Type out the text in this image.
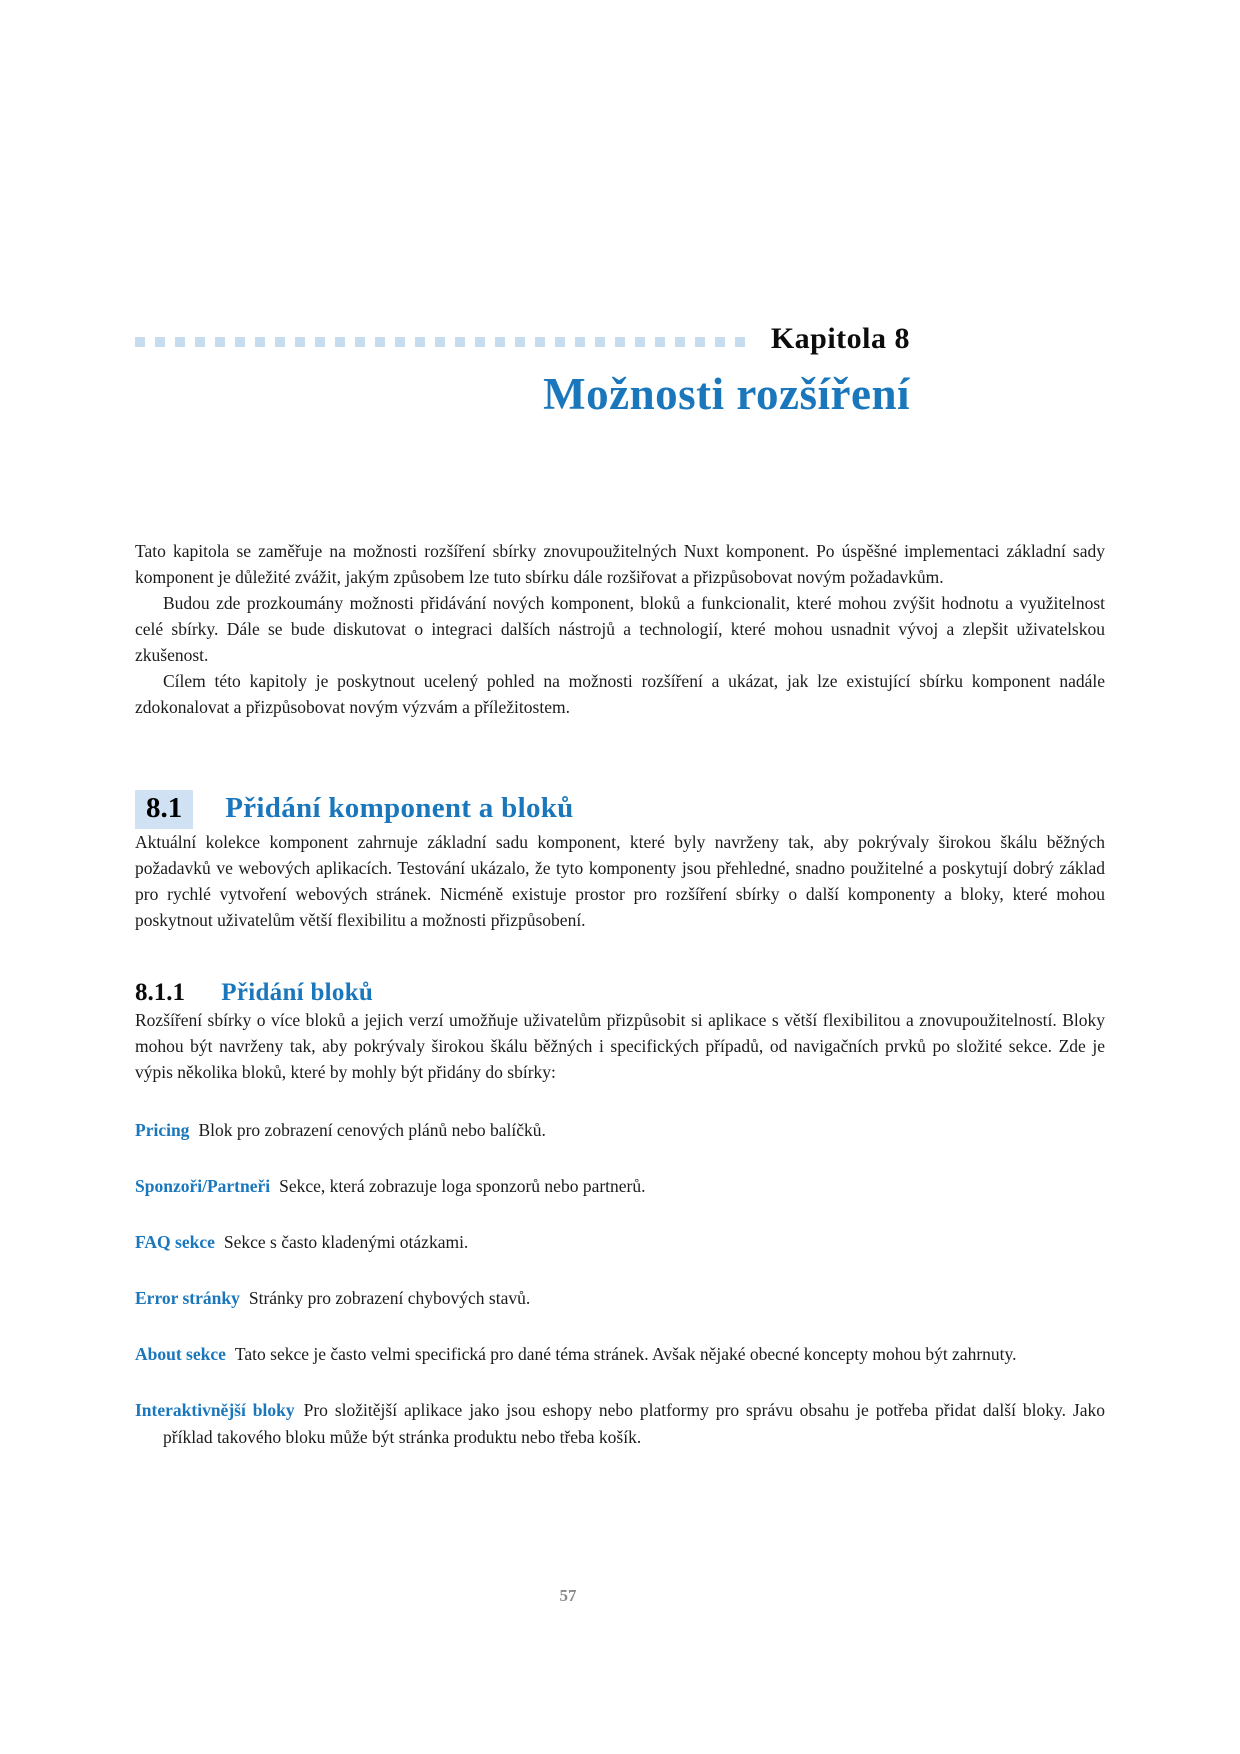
Kapitola 8
Možnosti rozšíření

Tato kapitola se zaměřuje na možnosti rozšíření sbírky znovupoužitelných Nuxt komponent. Po úspěšné implementaci základní sady komponent je důležité zvážit, jakým způsobem lze tuto sbírku dále rozšiřovat a přizpůsobovat novým požadavkům.

Budou zde prozkoumány možnosti přidávání nových komponent, bloků a funkcionalit, které mohou zvýšit hodnotu a využitelnost celé sbírky. Dále se bude diskutovat o integraci dalších nástrojů a technologií, které mohou usnadnit vývoj a zlepšit uživatelskou zkušenost.

Cílem této kapitoly je poskytnout ucelený pohled na možnosti rozšíření a ukázat, jak lze existující sbírku komponent nadále zdokonalovat a přizpůsobovat novým výzvám a příležitostem.

8.1	Přidání komponent a bloků

Aktuální kolekce komponent zahrnuje základní sadu komponent, které byly navrženy tak, aby pokrývaly širokou škálu běžných požadavků ve webových aplikacích. Testování ukázalo, že tyto komponenty jsou přehledné, snadno použitelné a poskytují dobrý základ pro rychlé vytvoření webových stránek. Nicméně existuje prostor pro rozšíření sbírky o další komponenty a bloky, které mohou poskytnout uživatelům větší flexibilitu a možnosti přizpůsobení.

8.1.1 Přidání bloků

Rozšíření sbírky o více bloků a jejich verzí umožňuje uživatelům přizpůsobit si aplikace s větší flexibilitou a znovupoužitelností. Bloky mohou být navrženy tak, aby pokrývaly širokou škálu běžných i specifických případů, od navigačních prvků po složité sekce. Zde je výpis několika bloků, které by mohly být přidány do sbírky:

Pricing Blok pro zobrazení cenových plánů nebo balíčků.
Sponzoři/Partneři Sekce, která zobrazuje loga sponzorů nebo partnerů.
FAQ sekce Sekce s často kladenými otázkami.
Error stránky Stránky pro zobrazení chybových stavů.
About sekce Tato sekce je často velmi specifická pro dané téma stránek. Avšak nějaké obecné koncepty mohou být zahrnuty.
Interaktivnější bloky Pro složitější aplikace jako jsou eshopy nebo platformy pro správu obsahu je potřeba přidat další bloky. Jako příklad takového bloku může být stránka produktu nebo třeba košík.
57
